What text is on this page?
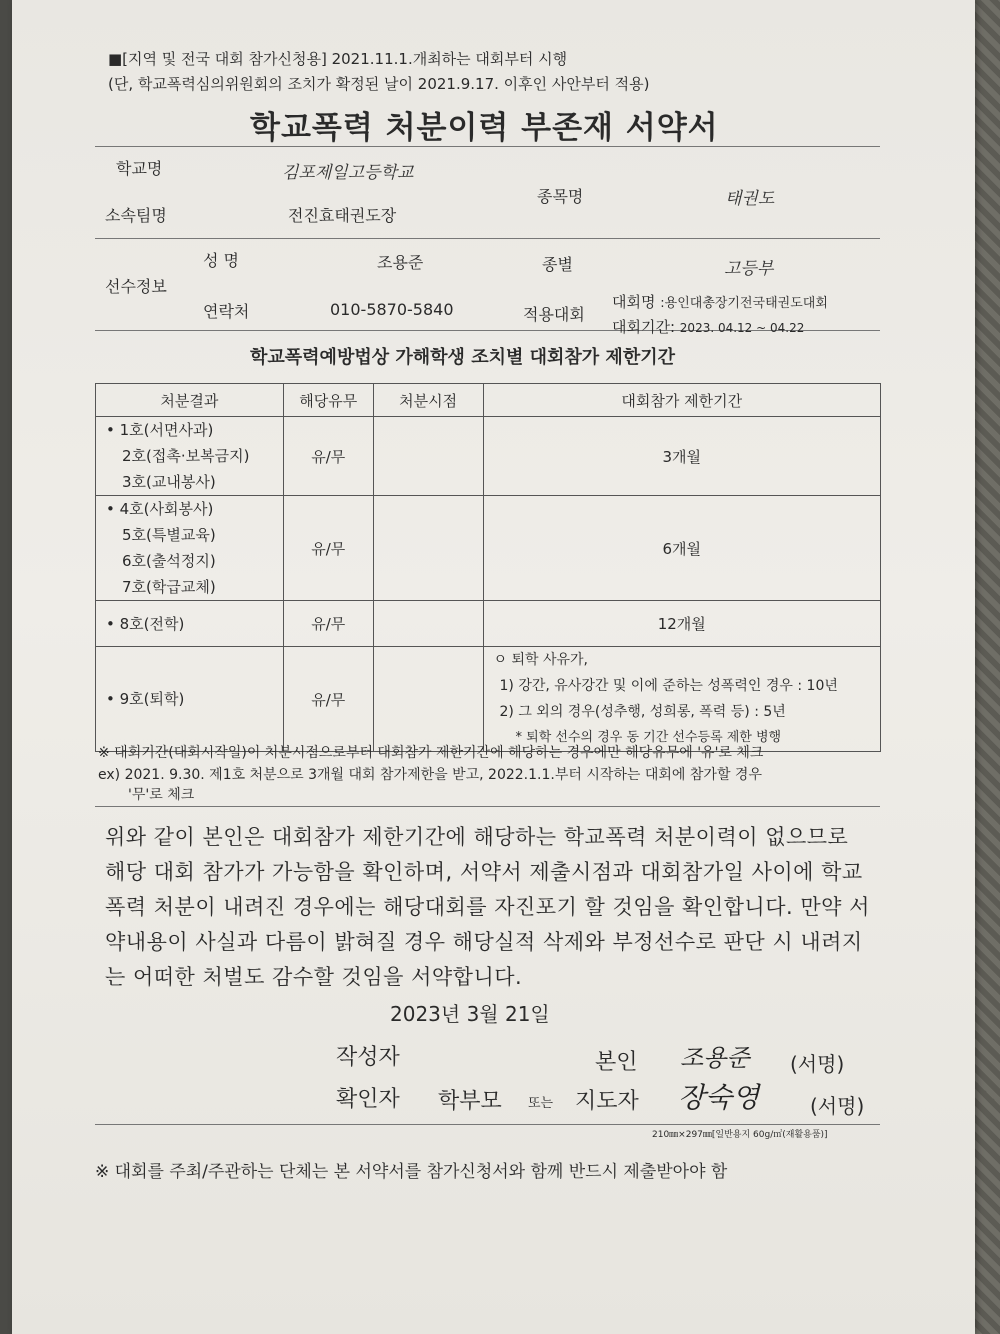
■[지역 및 전국 대회 참가신청용] 2021.11.1.개최하는 대회부터 시행
(단, 학교폭력심의위원회의 조치가 확정된 날이 2021.9.17. 이후인 사안부터 적용)
학교폭력 처분이력 부존재 서약서
학교명	김포제일고등학교
소속팀명	전진효태권도장
종목명	태권도
선수정보
성 명	조용준	종별	고등부
연락처	010-5870-5840	적용대회
대회명 :용인대총장기전국태권도대회
대회기간: 2023. 04.12 ~ 04.22
학교폭력예방법상 가해학생 조치별 대회참가 제한기간
처분결과	해당유무	처분시점	대회참가 제한기간

• 1호(서면사과)
2호(접촉·보복금지)
3호(교내봉사)	유/무		3개월

• 4호(사회봉사)
5호(특별교육)
6호(출석정지)
7호(학급교체)	유/무		6개월

• 8호(전학)	유/무		12개월

• 9호(퇴학)	유/무		ㅇ 퇴학 사유가,
1) 강간, 유사강간 및 이에 준하는 성폭력인 경우 : 10년
2) 그 외의 경우(성추행, 성희롱, 폭력 등) : 5년
* 퇴학 선수의 경우 동 기간 선수등록 제한 병행
※ 대회기간(대회시작일)이 처분시점으로부터 대회참가 제한기간에 해당하는 경우에만 해당유무에 '유'로 체크
ex) 2021. 9.30. 제1호 처분으로 3개월 대회 참가제한을 받고, 2022.1.1.부터 시작하는 대회에 참가할 경우
'무'로 체크
위와 같이 본인은 대회참가 제한기간에 해당하는 학교폭력 처분이력이 없으므로 해당 대회 참가가 가능함을 확인하며, 서약서 제출시점과 대회참가일 사이에 학교폭력 처분이 내려진 경우에는 해당대회를 자진포기 할 것임을 확인합니다. 만약 서약내용이 사실과 다름이 밝혀질 경우 해당실적 삭제와 부정선수로 판단 시 내려지는 어떠한 처벌도 감수할 것임을 서약합니다.
2023년 3월 21일
작성자	본인 조용준 (서명)
확인자 학부모 또는 지도자 장숙영	(서명)
210㎜×297㎜[일반용지 60g/㎡(재활용품)]
※ 대회를 주최/주관하는 단체는 본 서약서를 참가신청서와 함께 반드시 제출받아야 함
